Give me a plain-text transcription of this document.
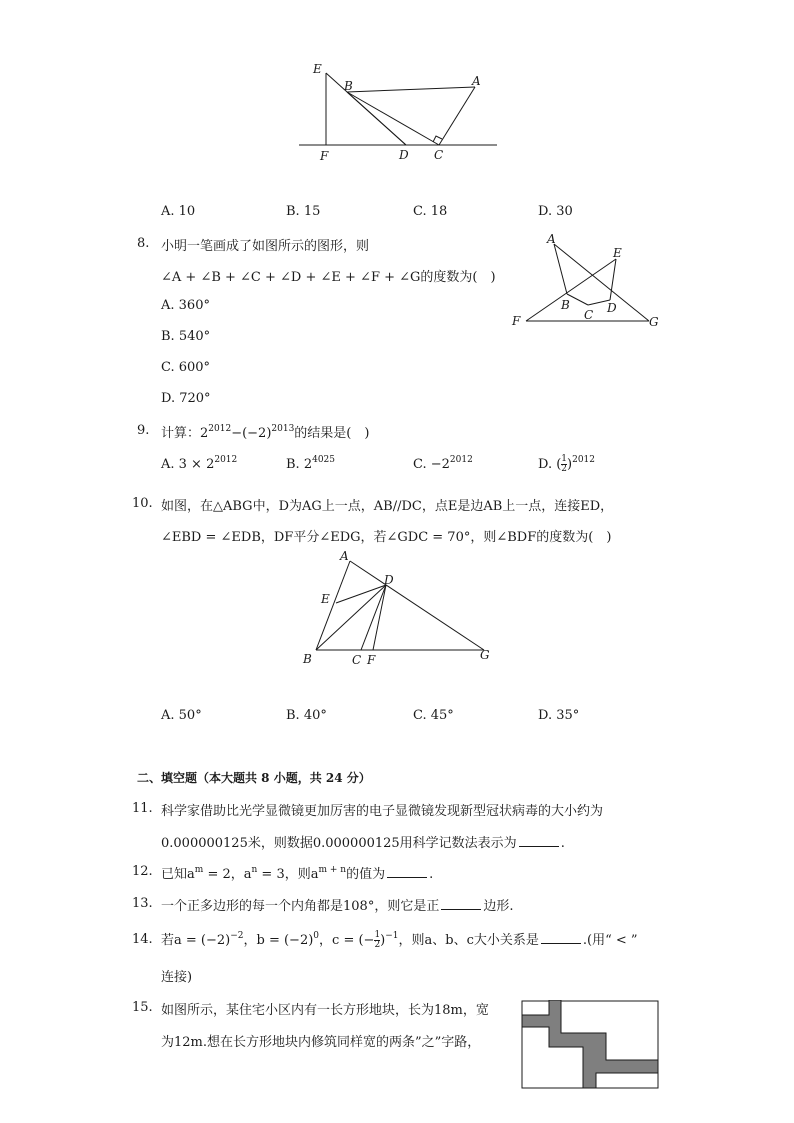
E
B	A
F	D C
A. 10	B. 15	C. 18	D. 30
8. 小明一笔画成了如图所示的图形，则
∠A + ∠B + ∠C + ∠D + ∠E + ∠F + ∠G的度数为(　)
A. 360°
B. 540°
C. 600°
D. 720°
A
E
B
C D
F	G
9. 计算：$2^{2012}-(-2)^{2013}$的结果是(　)
A. $3 \times 2^{2012}$	B. $2^{4025}$	C. $-2^{2012}$	D. ( $\frac{1}{2} )^{2012}$
10. 如图，在△ABG中，D为AG上一点，AB//DC，点E是边AB上一点，连接ED，
∠EBD = ∠EDB，DF平分∠EDG，若∠GDC = 70°，则∠BDF的度数为(　)
A
D
E
B	C F	G
A. 50°	B. 40°	C. 45°	D. 35°
二、填空题（本大题共 8 小题，共 24 分）
11. 科学家借助比光学显微镜更加厉害的电子显微镜发现新型冠状病毒的大小约为
0.000000125米，则数据0.000000125用科学记数法表示为	.
12. 已知$a^m = 2$，$a^n = 3$，则$a^{m + n}$的值为	.
13. 一个正多边形的每一个内角都是108°，则它是正	边形.
14. 若$a = (-2)^{-2}$，$b = (-2)^0$，c = (− $\frac{1}{2} )^{-1}$，则a、b、c大小关系是	.(用“ < ”
连接)
15. 如图所示，某住宅小区内有一长方形地块，长为18m，宽
为12m.想在长方形地块内修筑同样宽的两条”之”字路，
